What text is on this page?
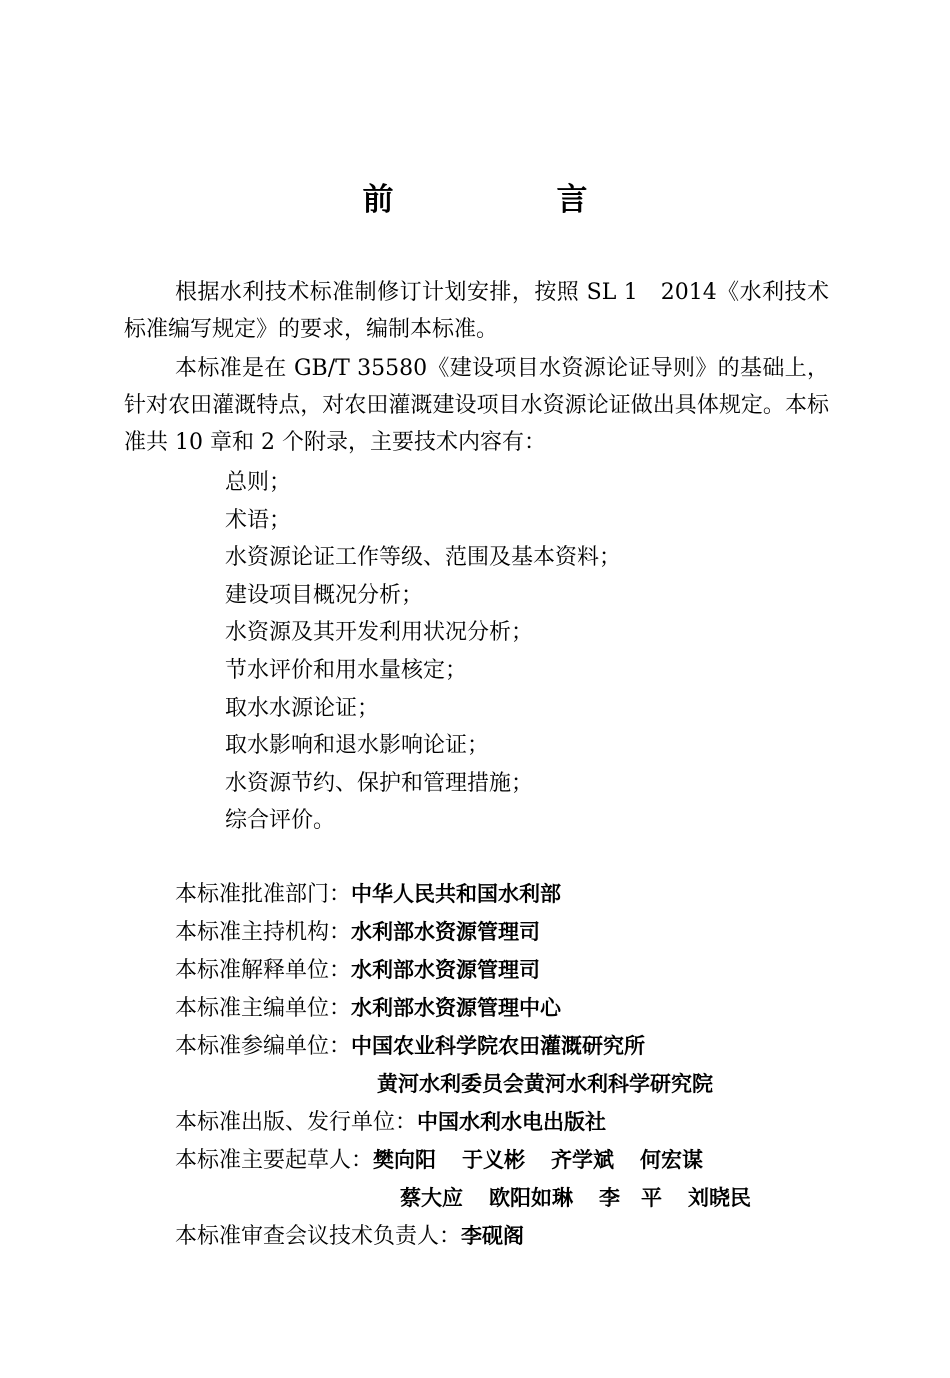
前　言

根据水利技术标准制修订计划安排，按照 SL 1　2014《水利技术标准编写规定》的要求，编制本标准。

本标准是在 GB/T 35580《建设项目水资源论证导则》的基础上，针对农田灌溉特点，对农田灌溉建设项目水资源论证做出具体规定。本标准共 10 章和 2 个附录，主要技术内容有：

总则；
术语；
水资源论证工作等级、范围及基本资料；
建设项目概况分析；
水资源及其开发利用状况分析；
节水评价和用水量核定；
取水水源论证；
取水影响和退水影响论证；
水资源节约、保护和管理措施；
综合评价。
本标准批准部门：中华人民共和国水利部
本标准主持机构：水利部水资源管理司
本标准解释单位：水利部水资源管理司
本标准主编单位：水利部水资源管理中心
本标准参编单位：中国农业科学院农田灌溉研究所
黄河水利委员会黄河水利科学研究院
本标准出版、发行单位：中国水利水电出版社
本标准主要起草人：樊向阳 于义彬 齐学斌 何宏谋
蔡大应 欧阳如琳 李　平 刘晓民
本标准审查会议技术负责人：李砚阁
